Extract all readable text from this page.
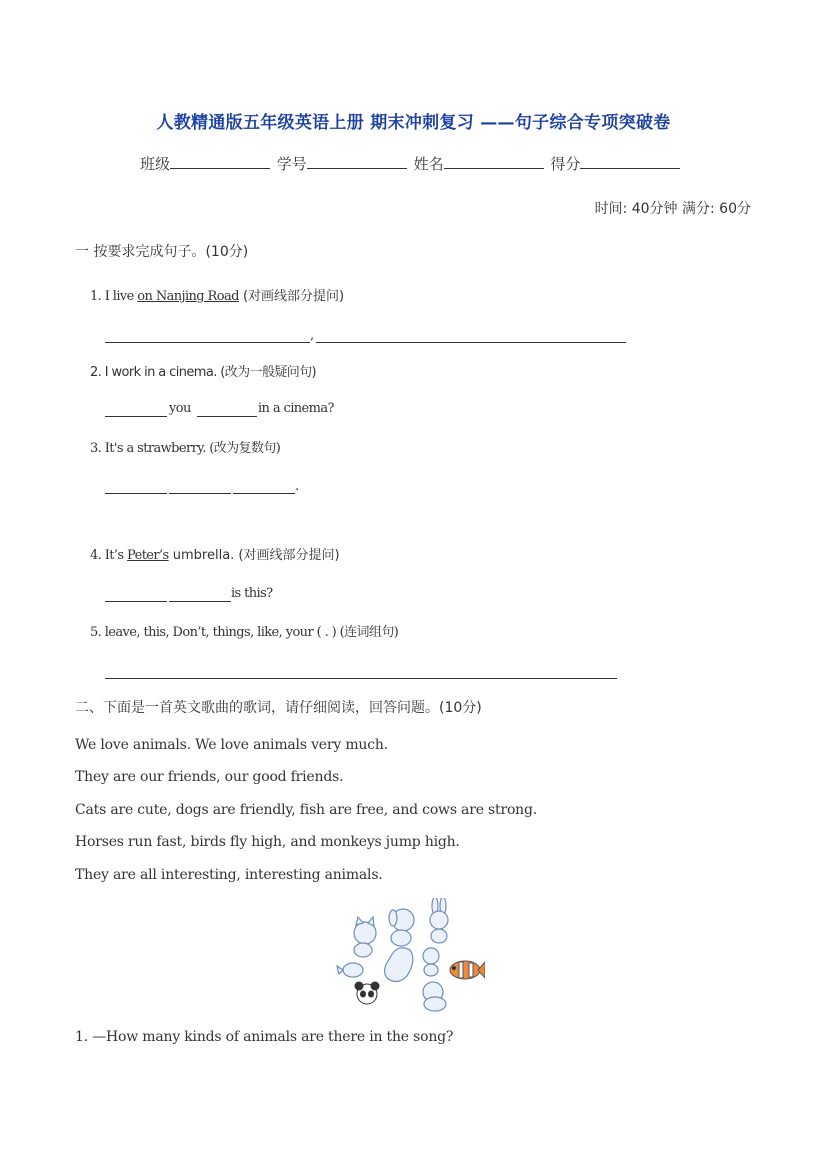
人教精通版五年级英语上册 期末冲刺复习 ——句子综合专项突破卷
班级	学号	姓名	得分
时间: 40分钟 满分: 60分
一 按要求完成句子。(10分)
1. I live on Nanjing Road (对画线部分提问)
,
2. I work in a cinema. (改为一般疑问句)
you	in a cinema?
3. It's a strawberry. (改为复数句)
.
4. It’s Peter’s umbrella. (对画线部分提问)
is this?
5. leave, this, Don’t, things, like, your ( . ) (连词组句)
二、下面是一首英文歌曲的歌词，请仔细阅读，回答问题。(10分)
We love animals. We love animals very much.
They are our friends, our good friends.
Cats are cute, dogs are friendly, fish are free, and cows are strong.
Horses run fast, birds fly high, and monkeys jump high.
They are all interesting, interesting animals.
1. —How many kinds of animals are there in the song?
